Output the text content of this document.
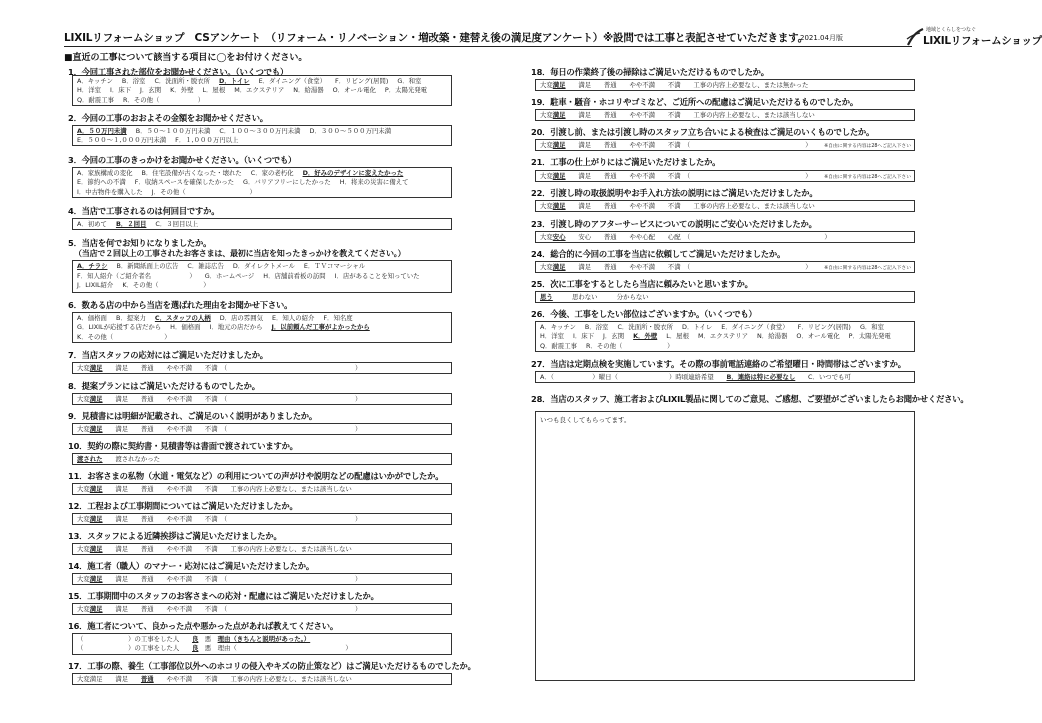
LIXILリフォームショップ　CSアンケート　（リフォーム・リノベーション・増改築・建替え後の満足度アンケート）※設問では工事と表記させていただきます。
2021.04月版
地域とくらしをつなぐ
LIXILリフォームショップ
■直近の工事について該当する項目に◯をお付けください。
1．今回工事された部位をお聞かせください。（いくつでも）
A．キッチン B．浴室 C．洗面所・脱衣所 D．トイレ E．ダイニング（食堂） F．リビング(居間) G．和室
H．洋室 I．床下 J．玄関 K．外壁 L．屋根 M．エクステリア N．給湯器 O．オール電化 P．太陽光発電
Q．耐震工事 R．その他（　　　　　　）
2．今回の工事のおおよその金額をお聞かせください。
A．５０万円未満 B．５０～１００万円未満 C．１００～３００万円未満 D．３００～５００万円未満
E．５００～１,０００万円未満 F．１,０００万円以上
3．今回の工事のきっかけをお聞かせください。（いくつでも）
A．家族構成の変化 B．住宅設備が古くなった・壊れた C．家の老朽化 D．好みのデザインに変えたかった
E．節約への不満 F．収納スペースを確保したかった G．バリアフリーにしたかった H．将来の災害に備えて
I．中古物件を購入した J．その他（　　　　　　　　　　）
4．当店で工事されるのは何回目ですか。
A．初めて B．２回目 C．３回目以上
5．当店を何でお知りになりましたか。
（当店で２回以上の工事されたお客さまは、最初に当店を知ったきっかけを教えてください。）
A．チラシ B．新聞紙面上の広告 C．雑誌広告 D．ダイレクトメール E．ＴＶコマーシャル
F．知人紹介（ご紹介者名　　　　　　） G．ホームページ H．店舗前看板の訪問 I．店があることを知っていた
J．LIXIL紹介 K．その他（　　　　　　　）
6．数ある店の中から当店を選ばれた理由をお聞かせ下さい。
A．価格面 B．提案力 C．スタッフの人柄 D．店の雰囲気 E．知人の紹介 F．知名度
G．LIXILが応援する店だから H．価格面 I．地元の店だから J．以前頼んだ工事がよかったから
K．その他（　　　　　　　　）
7．当店スタッフの応対にはご満足いただけましたか。
大変満足　　満足　　普通　　やや不満　　不満　（　　　　　　　　　　　　　　　　　　　　）
8．提案プランにはご満足いただけるものでしたか。
大変満足　　満足　　普通　　やや不満　　不満　（　　　　　　　　　　　　　　　　　　　　）
9．見積書には明細が記載され、ご満足のいく説明がありましたか。
大変満足　　満足　　普通　　やや不満　　不満　（　　　　　　　　　　　　　　　　　　　　）
10．契約の際に契約書・見積書等は書面で渡されていますか。
渡された　　渡されなかった
11．お客さまの私物（水道・電気など）の利用についての声がけや説明などの配慮はいかがでしたか。
大変満足　　満足　　普通　　やや不満　　不満　　工事の内容上必要なし、または該当しない
12．工程および工事期間についてはご満足いただけましたか。
大変満足　　満足　　普通　　やや不満　　不満　（　　　　　　　　　　　　　　　　　　　　）
13．スタッフによる近隣挨拶はご満足いただけましたか。
大変満足　　満足　　普通　　やや不満　　不満　　工事の内容上必要なし、または該当しない
14．施工者（職人）のマナー・応対にはご満足いただけましたか。
大変満足　　満足　　普通　　やや不満　　不満　（　　　　　　　　　　　　　　　　　　　　）
15．工事期間中のスタッフのお客さまへの応対・配慮にはご満足いただけましたか。
大変満足　　満足　　普通　　やや不満　　不満　（　　　　　　　　　　　　　　　　　　　　）
16．施工者について、良かった点や悪かった点があれば教えてください。
（　　　　　　　）の工事をした人　　良　悪　理由（きちんと説明があった。）
（　　　　　　　）の工事をした人　　良　悪　理由（　　　　　　　　　　　　　　　　　）
17．工事の際、養生（工事部位以外へのホコリの侵入やキズの防止策など）はご満足いただけるものでしたか。
大変満足　　満足　　普通　　やや不満　　不満　　工事の内容上必要なし、または該当しない
18．毎日の作業終了後の掃除はご満足いただけるものでしたか。
大変満足　　満足　　普通　　やや不満　　不満　　工事の内容上必要なし、または無かった
19．駐車・騒音・ホコリやゴミなど、ご近所への配慮はご満足いただけるものでしたか。
大変満足　　満足　　普通　　やや不満　　不満　　工事の内容上必要なし、または該当しない
20．引渡し前、または引渡し時のスタッフ立ち合いによる検査はご満足のいくものでしたか。
大変満足　　満足　　普通　　やや不満　　不満　（　　　　　　　　　　　　　　　　　　）	※自由に関する内容は28へご記入下さい
21．工事の仕上がりにはご満足いただけましたか。
大変満足　　満足　　普通　　やや不満　　不満　（　　　　　　　　　　　　　　　　　　）	※自由に関する内容は28へご記入下さい
22．引渡し時の取扱説明やお手入れ方法の説明にはご満足いただけましたか。
大変満足　　満足　　普通　　やや不満　　不満　　工事の内容上必要なし、または該当しない
23．引渡し時のアフターサービスについての説明にご安心いただけましたか。
大変安心　　安心　　普通　　やや心配　　心配　（　　　　　　　　　　　　　　　　　　　　　）
24．総合的に今回の工事を当店に依頼してご満足いただけましたか。
大変満足　　満足　　普通　　やや不満　　不満　（　　　　　　　　　　　　　　　　　　）	※自由に関する内容は28へご記入下さい
25．次に工事をするとしたら当店に頼みたいと思いますか。
思う　　　思わない　　　分からない
26．今後、工事をしたい部位はございますか。（いくつでも）
A．キッチン B．浴室 C．洗面所・脱衣所 D．トイレ E．ダイニング（食堂） F．リビング(居間) G．和室
H．洋室 I．床下 J．玄関 K．外壁 L．屋根 M．エクステリア N．給湯器 O．オール電化 P．太陽光発電
Q．耐震工事 R．その他（　　　　　　　）
27．当店は定期点検を実施しています。その際の事前電話連絡のご希望曜日・時間帯はございますか。
A．（　　　　　　）曜日（　　　　　　　　）時頃連絡希望　　B．連絡は特に必要なし　　C．いつでも可
28．当店のスタッフ、施工者およびLIXIL製品に関してのご意見、ご感想、ご要望がございましたらお聞かせください。
いつも良くしてもらってます。
